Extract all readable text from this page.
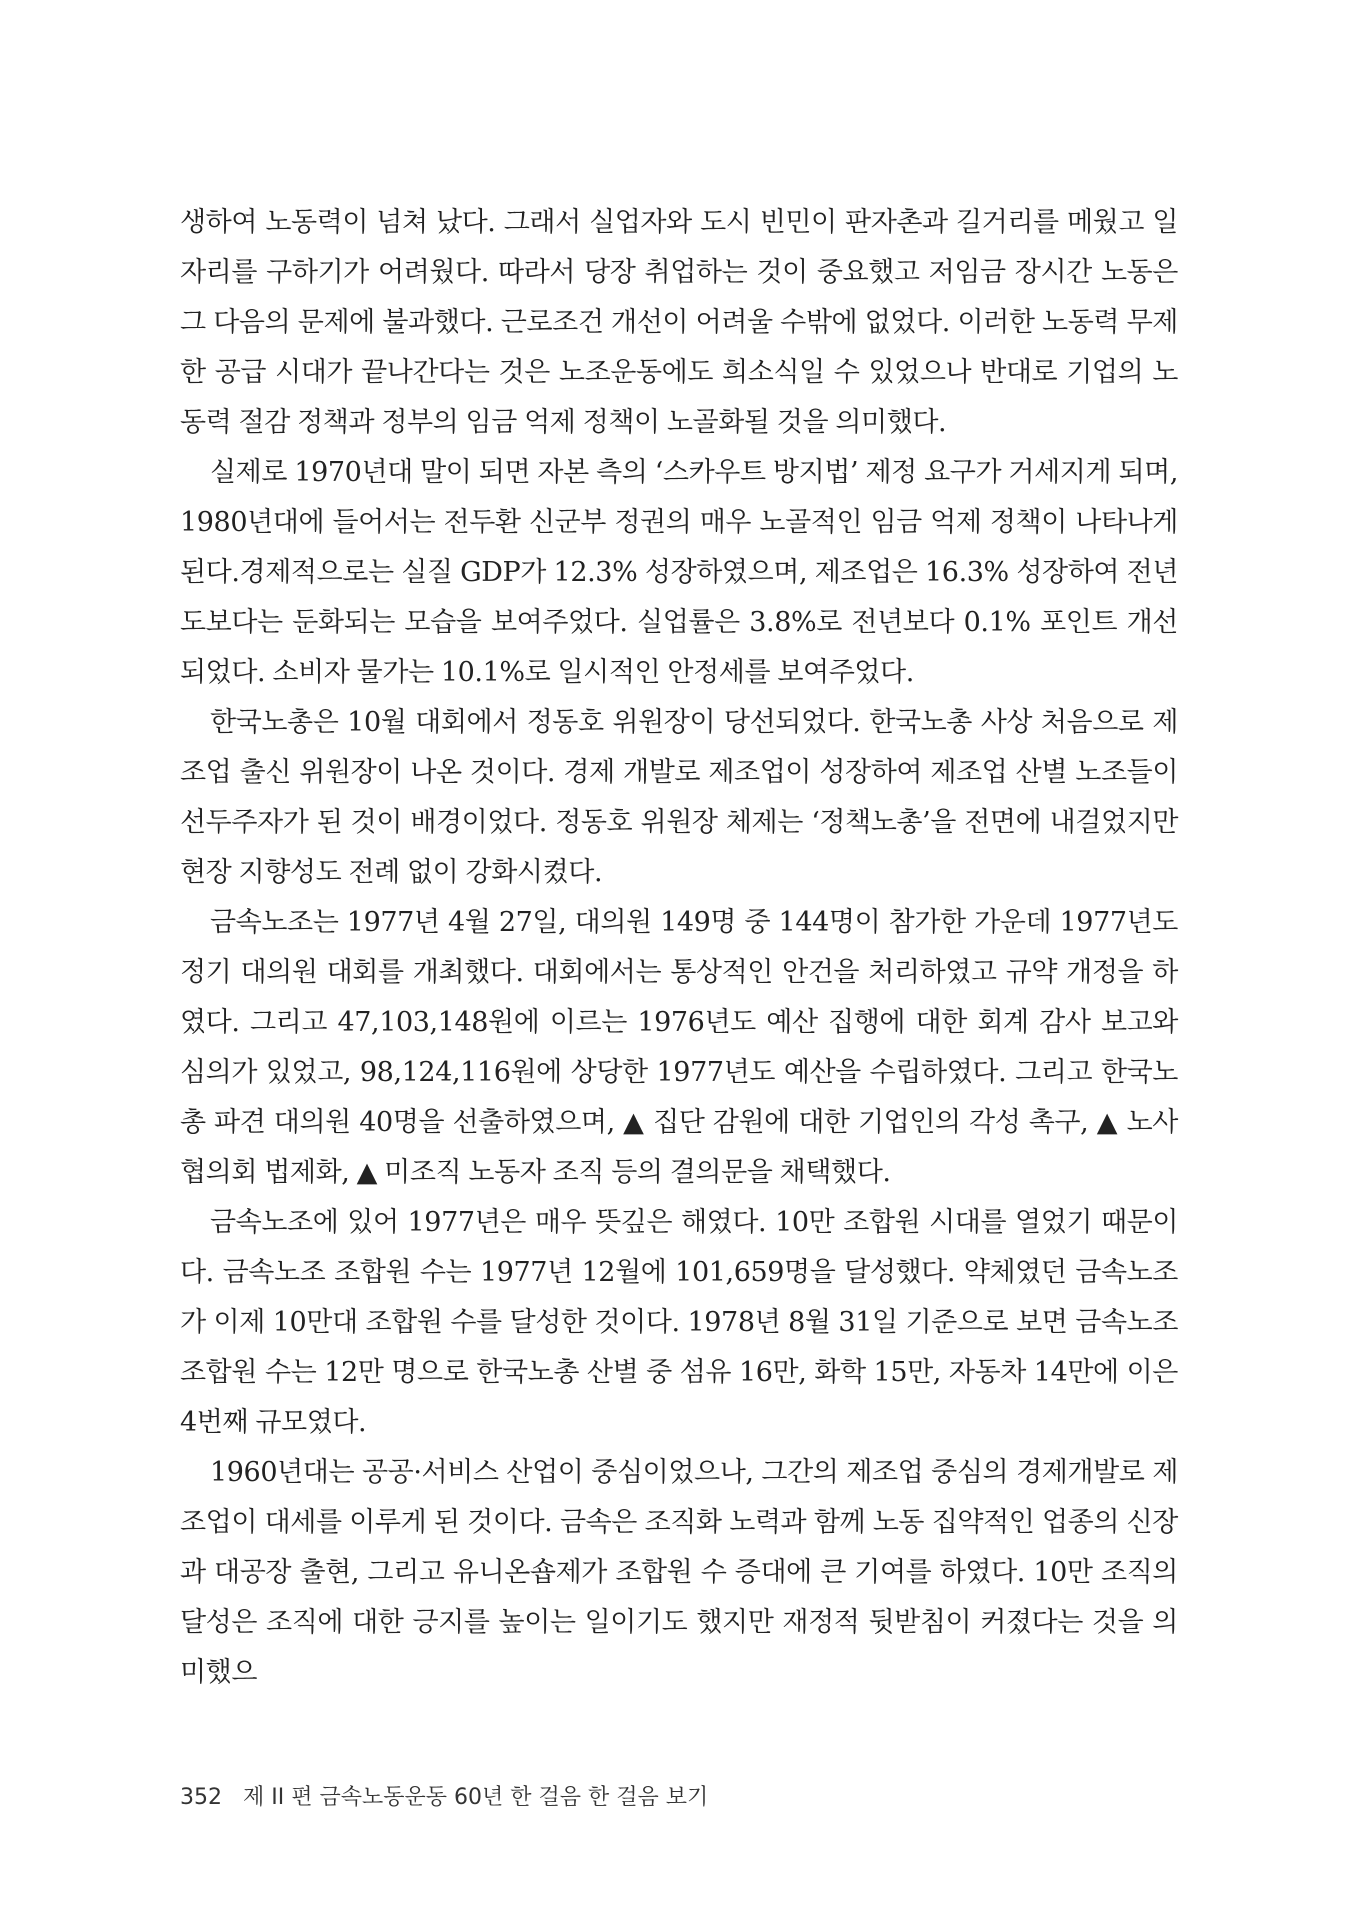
생하여 노동력이 넘쳐 났다. 그래서 실업자와 도시 빈민이 판자촌과 길거리를 메웠고 일자리를 구하기가 어려웠다. 따라서 당장 취업하는 것이 중요했고 저임금 장시간 노동은 그 다음의 문제에 불과했다. 근로조건 개선이 어려울 수밖에 없었다. 이러한 노동력 무제한 공급 시대가 끝나간다는 것은 노조운동에도 희소식일 수 있었으나 반대로 기업의 노동력 절감 정책과 정부의 임금 억제 정책이 노골화될 것을 의미했다.

실제로 1970년대 말이 되면 자본 측의 ‘스카우트 방지법’ 제정 요구가 거세지게 되며, 1980년대에 들어서는 전두환 신군부 정권의 매우 노골적인 임금 억제 정책이 나타나게 된다.경제적으로는 실질 GDP가 12.3% 성장하였으며, 제조업은 16.3% 성장하여 전년도보다는 둔화되는 모습을 보여주었다. 실업률은 3.8%로 전년보다 0.1% 포인트 개선되었다. 소비자 물가는 10.1%로 일시적인 안정세를 보여주었다.

한국노총은 10월 대회에서 정동호 위원장이 당선되었다. 한국노총 사상 처음으로 제조업 출신 위원장이 나온 것이다. 경제 개발로 제조업이 성장하여 제조업 산별 노조들이 선두주자가 된 것이 배경이었다. 정동호 위원장 체제는 ‘정책노총’을 전면에 내걸었지만 현장 지향성도 전례 없이 강화시켰다.

금속노조는 1977년 4월 27일, 대의원 149명 중 144명이 참가한 가운데 1977년도 정기 대의원 대회를 개최했다. 대회에서는 통상적인 안건을 처리하였고 규약 개정을 하였다. 그리고 47,103,148원에 이르는 1976년도 예산 집행에 대한 회계 감사 보고와 심의가 있었고, 98,124,116원에 상당한 1977년도 예산을 수립하였다. 그리고 한국노총 파견 대의원 40명을 선출하였으며, ▲ 집단 감원에 대한 기업인의 각성 촉구, ▲ 노사협의회 법제화, ▲ 미조직 노동자 조직 등의 결의문을 채택했다.

금속노조에 있어 1977년은 매우 뜻깊은 해였다. 10만 조합원 시대를 열었기 때문이다. 금속노조 조합원 수는 1977년 12월에 101,659명을 달성했다. 약체였던 금속노조가 이제 10만대 조합원 수를 달성한 것이다. 1978년 8월 31일 기준으로 보면 금속노조 조합원 수는 12만 명으로 한국노총 산별 중 섬유 16만, 화학 15만, 자동차 14만에 이은 4번째 규모였다.

1960년대는 공공·서비스 산업이 중심이었으나, 그간의 제조업 중심의 경제개발로 제조업이 대세를 이루게 된 것이다. 금속은 조직화 노력과 함께 노동 집약적인 업종의 신장과 대공장 출현, 그리고 유니온숍제가 조합원 수 증대에 큰 기여를 하였다. 10만 조직의 달성은 조직에 대한 긍지를 높이는 일이기도 했지만 재정적 뒷받침이 커졌다는 것을 의미했으

352 제 II 편 금속노동운동 60년 한 걸음 한 걸음 보기
